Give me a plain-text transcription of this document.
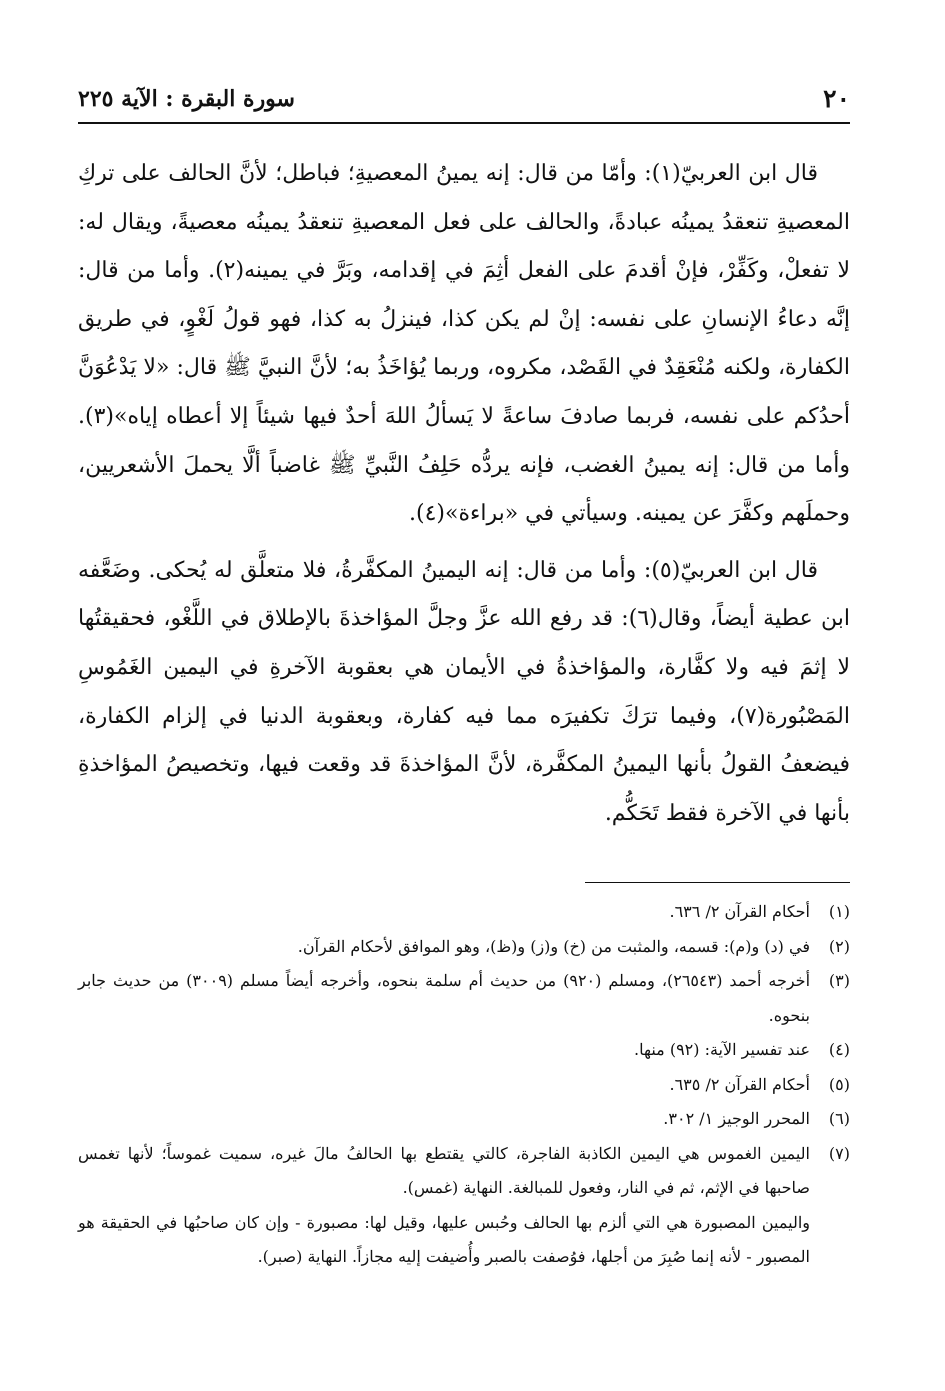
٢٠
سورة البقرة : الآية ٢٢٥

قال ابن العربيّ(١): وأمّا من قال: إنه يمينُ المعصيةِ؛ فباطل؛ لأنَّ الحالف على تركِ المعصيةِ تنعقدُ يمينُه عبادةً، والحالف على فعل المعصيةِ تنعقدُ يمينُه معصيةً، ويقال له: لا تفعلْ، وكَفِّرْ، فإنْ أقدمَ على الفعل أثِمَ في إقدامه، وبَرَّ في يمينه(٢). وأما من قال: إنَّه دعاءُ الإنسانِ على نفسه: إنْ لم يكن كذا، فينزلُ به كذا، فهو قولُ لَغْوٍ، في طريق الكفارة، ولكنه مُنْعَقِدٌ في القَصْد، مكروه، وربما يُؤاخَذُ به؛ لأنَّ النبيَّ ﷺ قال: «لا يَدْعُوَنَّ أحدُكم على نفسه، فربما صادفَ ساعةً لا يَسألُ اللهَ أحدٌ فيها شيئاً إلا أعطاه إياه»(٣). وأما من قال: إنه يمينُ الغضب، فإنه يردُّه حَلِفُ النَّبيِّ ﷺ غاضباً ألَّا يحملَ الأشعريين، وحملَهم وكفَّرَ عن يمينه. وسيأتي في «براءة»(٤).

قال ابن العربيّ(٥): وأما من قال: إنه اليمينُ المكفَّرةُ، فلا متعلَّق له يُحكى. وضَعَّفه ابن عطية أيضاً، وقال(٦): قد رفع الله عزَّ وجلَّ المؤاخذةَ بالإطلاق في اللَّغْو، فحقيقتُها لا إثمَ فيه ولا كفَّارة، والمؤاخذةُ في الأيمان هي بعقوبة الآخرةِ في اليمين الغَمُوسِ المَصْبُورة(٧)، وفيما ترَكَ تكفيرَه مما فيه كفارة، وبعقوبة الدنيا في إلزام الكفارة، فيضعفُ القولُ بأنها اليمينُ المكفَّرة، لأنَّ المؤاخذةَ قد وقعت فيها، وتخصيصُ المؤاخذةِ بأنها في الآخرة فقط تَحَكُّم.

(١)
أحكام القرآن ٢/ ٦٣٦.
(٢)
في (د) و(م): قسمه، والمثبت من (خ) و(ز) و(ظ)، وهو الموافق لأحكام القرآن.
(٣)
أخرجه أحمد (٢٦٥٤٣)، ومسلم (٩٢٠) من حديث أم سلمة بنحوه، وأخرجه أيضاً مسلم (٣٠٠٩) من حديث جابر بنحوه.
(٤)
عند تفسير الآية: (٩٢) منها.
(٥)
أحكام القرآن ٢/ ٦٣٥.
(٦)
المحرر الوجيز ١/ ٣٠٢.
(٧)
اليمين الغموس هي اليمين الكاذبة الفاجرة، كالتي يقتطع بها الحالفُ مالَ غيره، سميت غموساً؛ لأنها تغمس صاحبها في الإثم، ثم في النار، وفعول للمبالغة. النهاية (غمس).
واليمين المصبورة هي التي ألزم بها الحالف وحُبس عليها، وقيل لها: مصبورة - وإن كان صاحبُها في الحقيقة هو المصبور - لأنه إنما صُبِرَ من أجلها، فوُصفت بالصبر وأُضيفت إليه مجازاً. النهاية (صبر).
